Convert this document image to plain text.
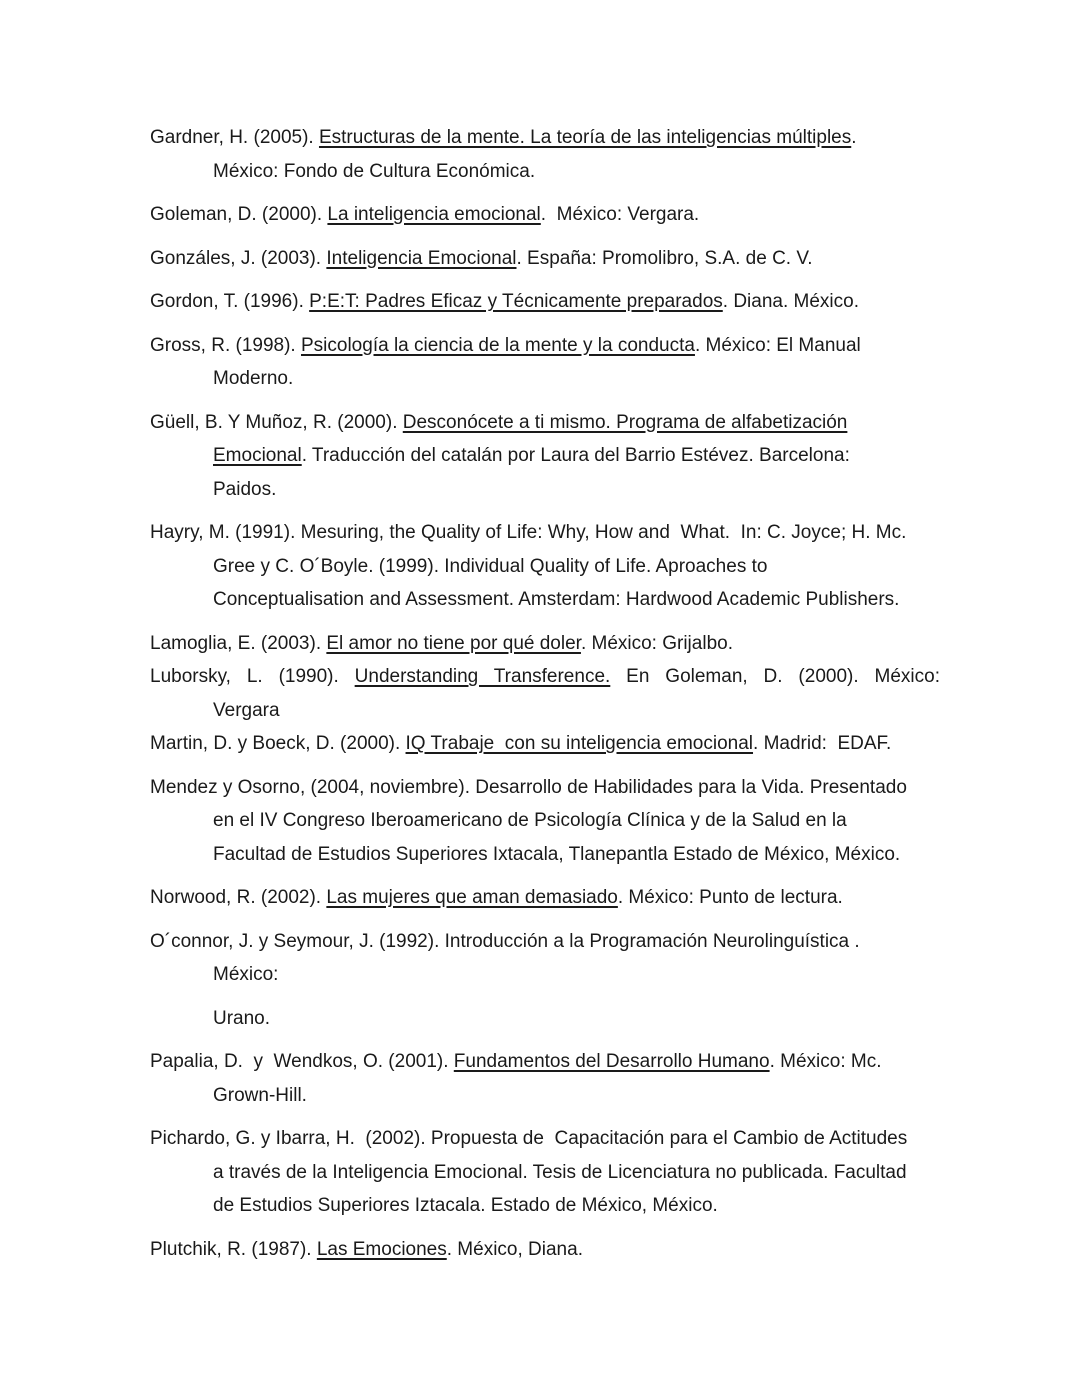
Gardner, H. (2005). Estructuras de la mente. La teoría de las inteligencias múltiples.
México: Fondo de Cultura Económica.
Goleman, D. (2000). La inteligencia emocional.  México: Vergara.
Gonzáles, J. (2003). Inteligencia Emocional. España: Promolibro, S.A. de C. V.
Gordon, T. (1996). P:E:T: Padres Eficaz y Técnicamente preparados. Diana. México.
Gross, R. (1998). Psicología la ciencia de la mente y la conducta. México: El Manual
Moderno.
Güell, B. Y Muñoz, R. (2000). Desconócete a ti mismo. Programa de alfabetización
Emocional. Traducción del catalán por Laura del Barrio Estévez. Barcelona:
Paidos.
Hayry, M. (1991). Mesuring, the Quality of Life: Why, How and  What.  In: C. Joyce; H. Mc.
Gree y C. O´Boyle. (1999). Individual Quality of Life. Aproaches to
Conceptualisation and Assessment. Amsterdam: Hardwood Academic Publishers.
Lamoglia, E. (2003). El amor no tiene por qué doler. México: Grijalbo.
Luborsky, L. (1990). Understanding Transference. En Goleman, D. (2000). México:
Vergara
Martin, D. y Boeck, D. (2000). IQ Trabaje  con su inteligencia emocional. Madrid:  EDAF.
Mendez y Osorno, (2004, noviembre). Desarrollo de Habilidades para la Vida. Presentado
en el IV Congreso Iberoamericano de Psicología Clínica y de la Salud en la
Facultad de Estudios Superiores Ixtacala, Tlanepantla Estado de México, México.
Norwood, R. (2002). Las mujeres que aman demasiado. México: Punto de lectura.
O´connor, J. y Seymour, J. (1992). Introducción a la Programación Neurolinguística .
México:
Urano.
Papalia, D.  y  Wendkos, O. (2001). Fundamentos del Desarrollo Humano. México: Mc.
Grown-Hill.
Pichardo, G. y Ibarra, H.  (2002). Propuesta de  Capacitación para el Cambio de Actitudes
a través de la Inteligencia Emocional. Tesis de Licenciatura no publicada. Facultad
de Estudios Superiores Iztacala. Estado de México, México.
Plutchik, R. (1987). Las Emociones. México, Diana.
